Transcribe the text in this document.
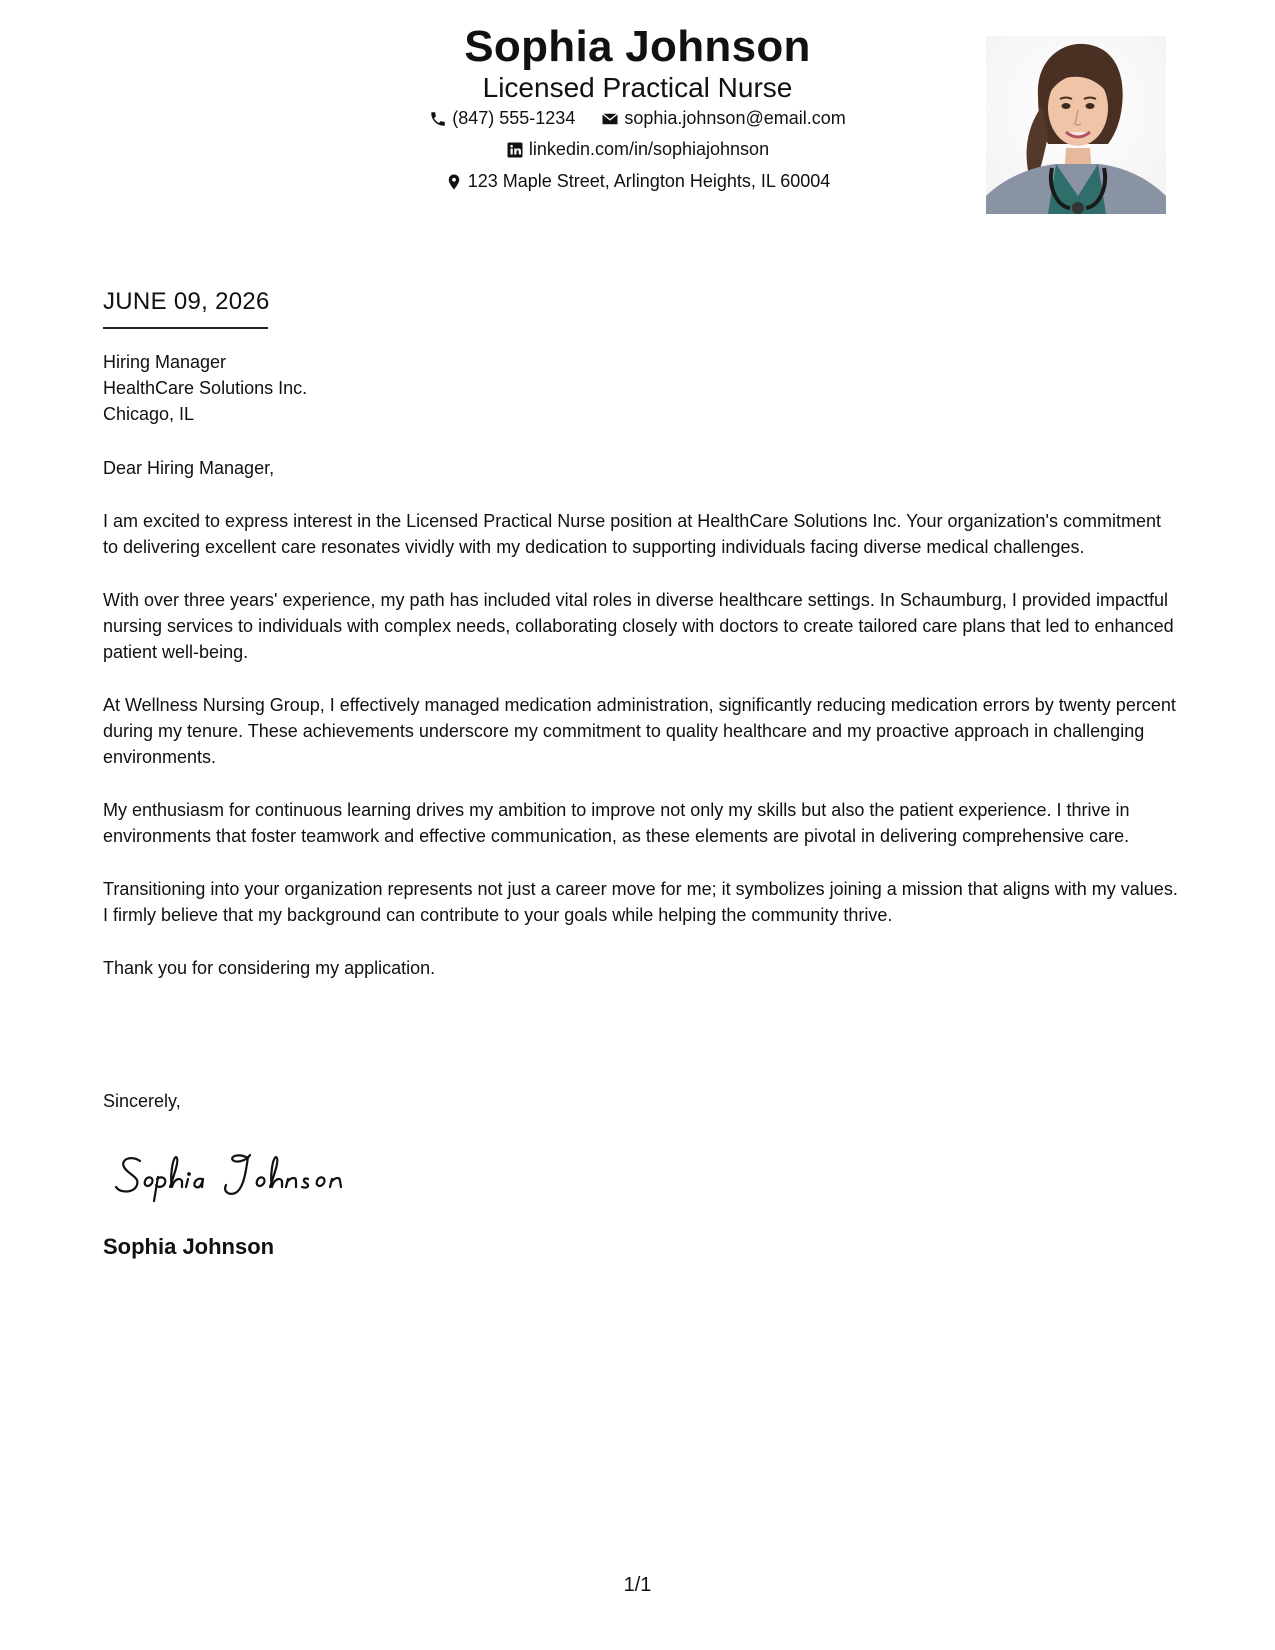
Sophia Johnson
Licensed Practical Nurse
(847) 555-1234
	sophia.johnson@email.com
linkedin.com/in/sophiajohnson
123 Maple Street, Arlington Heights, IL 60004
JUNE 09, 2026
Hiring Manager
HealthCare Solutions Inc.
Chicago, IL

Dear Hiring Manager,

I am excited to express interest in the Licensed Practical Nurse position at HealthCare Solutions Inc. Your organization's commitment to delivering excellent care resonates vividly with my dedication to supporting individuals facing diverse medical challenges.

With over three years' experience, my path has included vital roles in diverse healthcare settings. In Schaumburg, I provided impactful nursing services to individuals with complex needs, collaborating closely with doctors to create tailored care plans that led to enhanced patient well-being.

At Wellness Nursing Group, I effectively managed medication administration, significantly reducing medication errors by twenty percent during my tenure. These achievements underscore my commitment to quality healthcare and my proactive approach in challenging environments.

My enthusiasm for continuous learning drives my ambition to improve not only my skills but also the patient experience. I thrive in environments that foster teamwork and effective communication, as these elements are pivotal in delivering comprehensive care.

Transitioning into your organization represents not just a career move for me; it symbolizes joining a mission that aligns with my values. I firmly believe that my background can contribute to your goals while helping the community thrive.

Thank you for considering my application.

Sincerely,
Sophia Johnson
1/1
